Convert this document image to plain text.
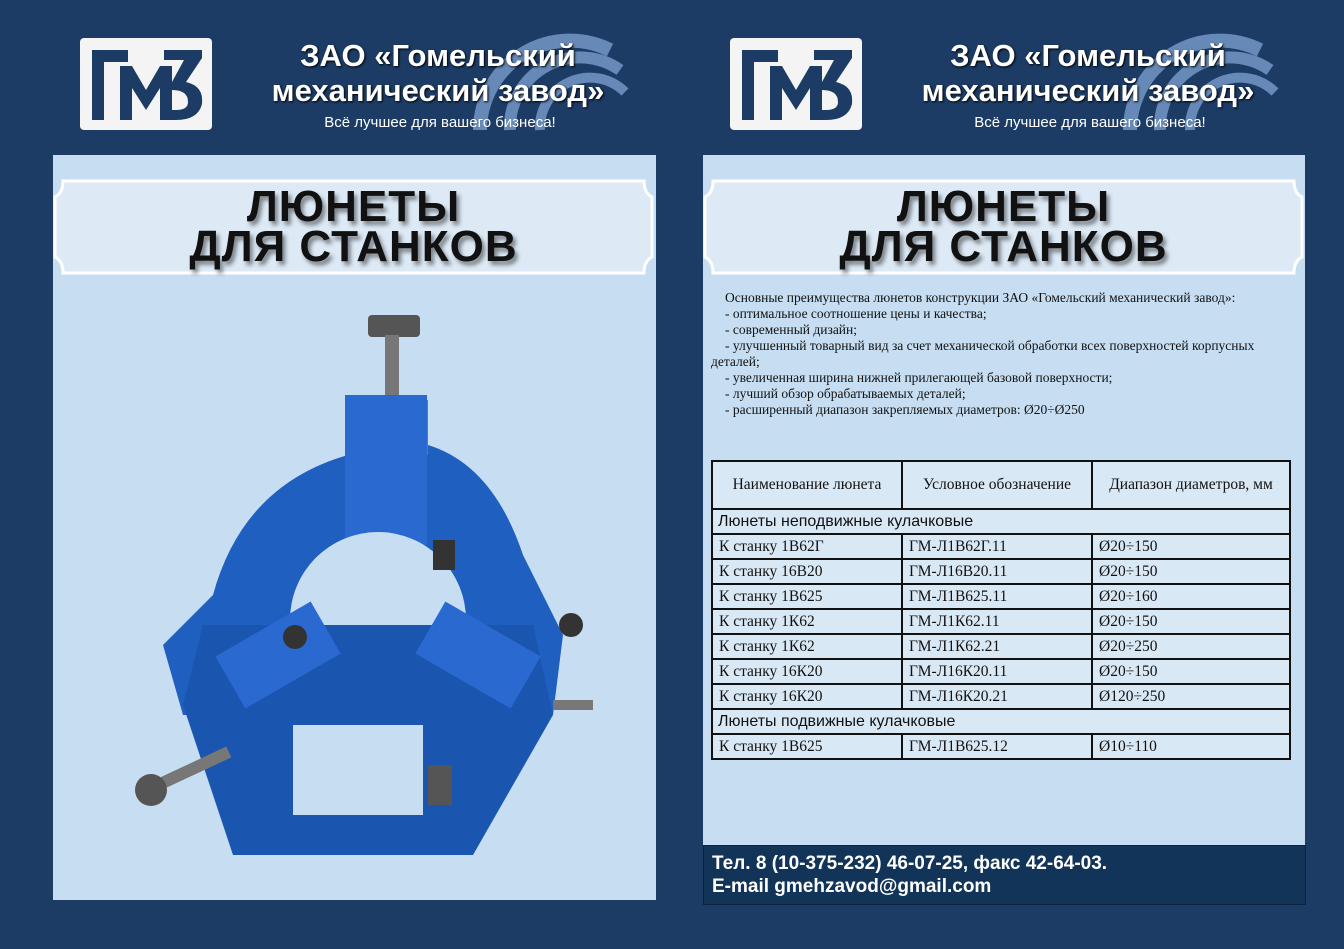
ЗАО «Гомельский механический завод»
Всё лучшее для вашего бизнеса!
ЛЮНЕТЫ
ДЛЯ СТАНКОВ
ЗАО «Гомельский механический завод»
Всё лучшее для вашего бизнеса!
ЛЮНЕТЫ
ДЛЯ СТАНКОВ

Основные преимущества люнетов конструкции ЗАО «Гомельский механический завод»:

- оптимальное соотношение цены и качества;
- современный дизайн;
- улучшенный товарный вид за счет механической обработки всех поверхностей корпусных деталей;
- увеличенная ширина нижней прилегающей базовой поверхности;
- лучший обзор обрабатываемых деталей;
- расширенный диапазон закрепляемых диаметров: Ø20÷Ø250
Наименование люнета	Условное обозначение	Диапазон диаметров, мм
Люнеты неподвижные кулачковые		
К станку 1В62Г	ГМ-Л1В62Г.11	Ø20÷150
К станку 16В20	ГМ-Л16В20.11	Ø20÷150
К станку 1В625	ГМ-Л1В625.11	Ø20÷160
К станку 1К62	ГМ-Л1К62.11	Ø20÷150
К станку 1К62	ГМ-Л1К62.21	Ø20÷250
К станку 16К20	ГМ-Л16К20.11	Ø20÷150
К станку 16К20	ГМ-Л16К20.21	Ø120÷250
Люнеты подвижные кулачковые		
К станку 1В625	ГМ-Л1В625.12	Ø10÷110
Тел. 8 (10-375-232) 46-07-25, факс 42-64-03.
E-mail gmehzavod@gmail.com
